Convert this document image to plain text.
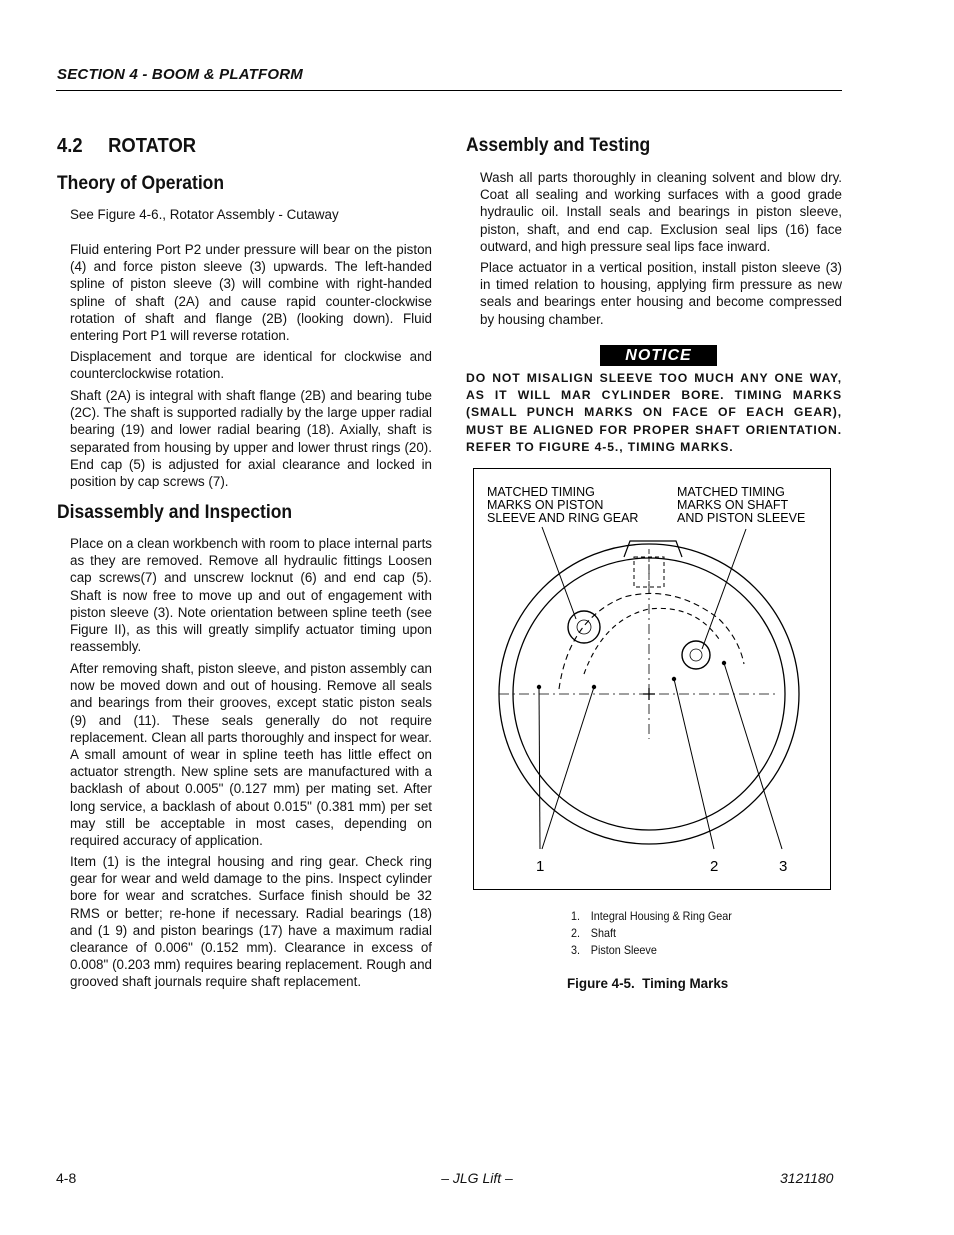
SECTION 4 - BOOM & PLATFORM
4.2     ROTATOR
Theory of Operation

See Figure 4-6., Rotator Assembly - Cutaway

Fluid entering Port P2 under pressure will bear on the piston (4) and force piston sleeve (3) upwards. The left-handed spline of piston sleeve (3) will combine with right-handed spline of shaft (2A) and cause rapid counter-clockwise rotation of shaft and flange (2B) (looking down). Fluid entering Port P1 will reverse rotation.

Displacement and torque are identical for clockwise and counterclockwise rotation.

Shaft (2A) is integral with shaft flange (2B) and bearing tube (2C). The shaft is supported radially by the large upper radial bearing (19) and lower radial bearing (18). Axially, shaft is separated from housing by upper and lower thrust rings (20). End cap (5) is adjusted for axial clearance and locked in position by cap screws (7).

Disassembly and Inspection

Place on a clean workbench with room to place internal parts as they are removed. Remove all hydraulic fittings Loosen cap screws(7) and unscrew locknut (6) and end cap (5). Shaft is now free to move up and out of engagement with piston sleeve (3). Note orientation between spline teeth (see Figure II), as this will greatly simplify actuator timing upon reassembly.

After removing shaft, piston sleeve, and piston assembly can now be moved down and out of housing. Remove all seals and bearings from their grooves, except static piston seals (9) and (11). These seals generally do not require replacement. Clean all parts thoroughly and inspect for wear. A small amount of wear in spline teeth has little effect on actuator strength. New spline sets are manufactured with a backlash of about 0.005" (0.127 mm) per mating set. After long service, a backlash of about 0.015" (0.381 mm) per set may still be acceptable in most cases, depending on required accuracy of application.

Item (1) is the integral housing and ring gear. Check ring gear for wear and weld damage to the pins. Inspect cylinder bore for wear and scratches. Surface finish should be 32 RMS or better; re-hone if necessary. Radial bearings (18) and (1 9) and piston bearings (17) have a maximum radial clearance of 0.006" (0.152 mm). Clearance in excess of 0.008" (0.203 mm) requires bearing replacement. Rough and grooved shaft journals require shaft replacement.

Assembly and Testing

Wash all parts thoroughly in cleaning solvent and blow dry. Coat all sealing and working surfaces with a good grade hydraulic oil. Install seals and bearings in piston sleeve, piston, shaft, and end cap. Exclusion seal lips (16) face outward, and high pressure seal lips face inward.

Place actuator in a vertical position, install piston sleeve (3) in timed relation to housing, applying firm pressure as new seals and bearings enter housing and become compressed by housing chamber.

NOTICE
DO NOT MISALIGN SLEEVE TOO MUCH ANY ONE WAY, AS IT WILL MAR CYLINDER BORE. TIMING MARKS (SMALL PUNCH MARKS ON FACE OF EACH GEAR), MUST BE ALIGNED FOR PROPER SHAFT ORIENTATION. REFER TO FIGURE 4-5., TIMING MARKS.
MATCHED TIMING
MARKS ON PISTON
SLEEVE AND RING GEAR
MATCHED TIMING
MARKS ON SHAFT
AND PISTON SLEEVE
1	2	3
1. Integral Housing & Ring Gear
2. Shaft
3. Piston Sleeve
Figure 4-5.  Timing Marks
4-8	– JLG Lift –	3121180
